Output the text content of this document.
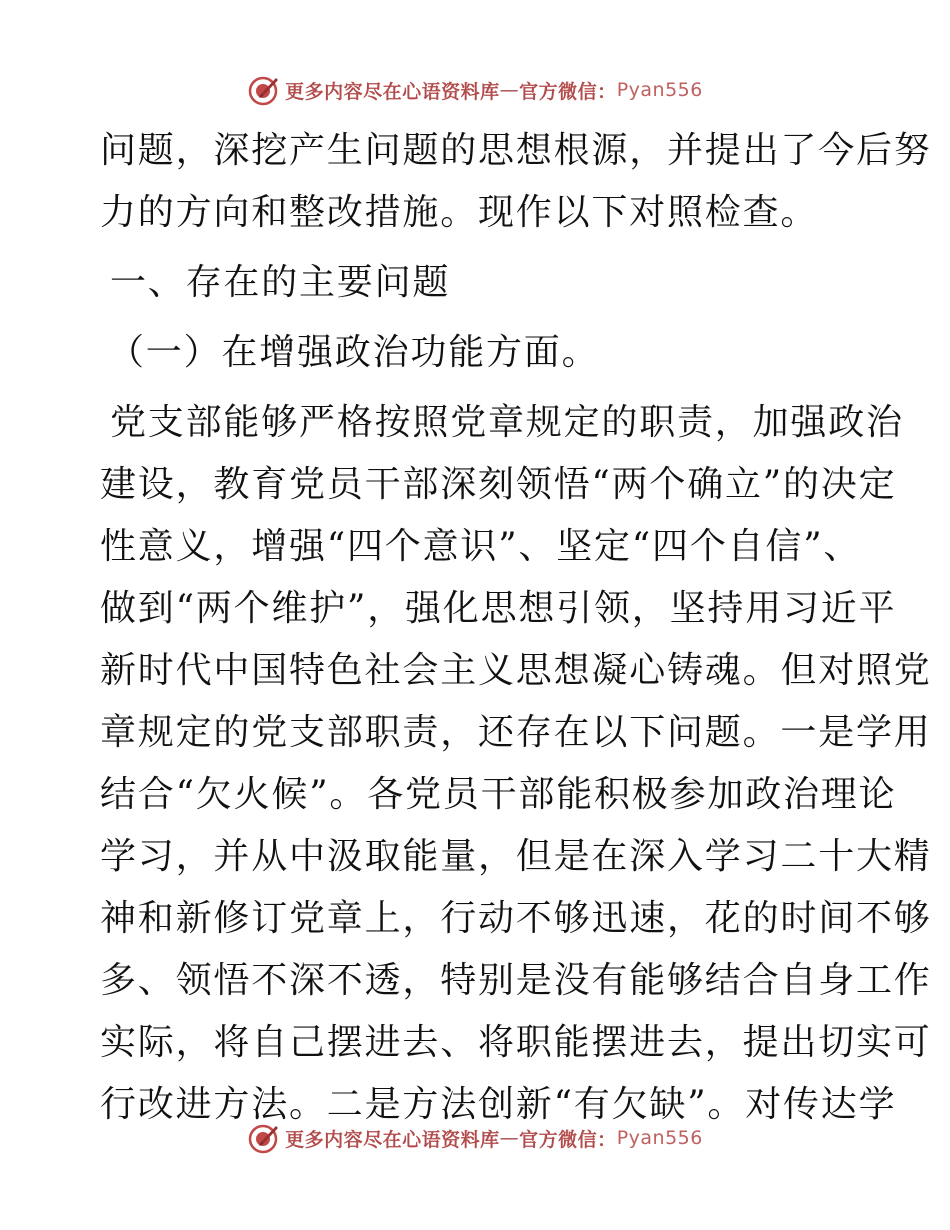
更多内容尽在心语资料库 — 官方微信： Pyan556
问题，深挖产生问题的思想根源，并提出了今后努
力的方向和整改措施。现作以下对照检查。
一、存在的主要问题
（一）在增强政治功能方面。
党支部能够严格按照党章规定的职责，加强政治
建设，教育党员干部深刻领悟“两个确立”的决定
性意义，增强“四个意识”、坚定“四个自信”、
做到“两个维护”，强化思想引领，坚持用习近平
新时代中国特色社会主义思想凝心铸魂。但对照党
章规定的党支部职责，还存在以下问题。一是学用
结合“欠火候”。各党员干部能积极参加政治理论
学习，并从中汲取能量，但是在深入学习二十大精
神和新修订党章上，行动不够迅速，花的时间不够
多、领悟不深不透，特别是没有能够结合自身工作
实际，将自己摆进去、将职能摆进去，提出切实可
行改进方法。二是方法创新“有欠缺”。对传达学
更多内容尽在心语资料库 — 官方微信： Pyan556
